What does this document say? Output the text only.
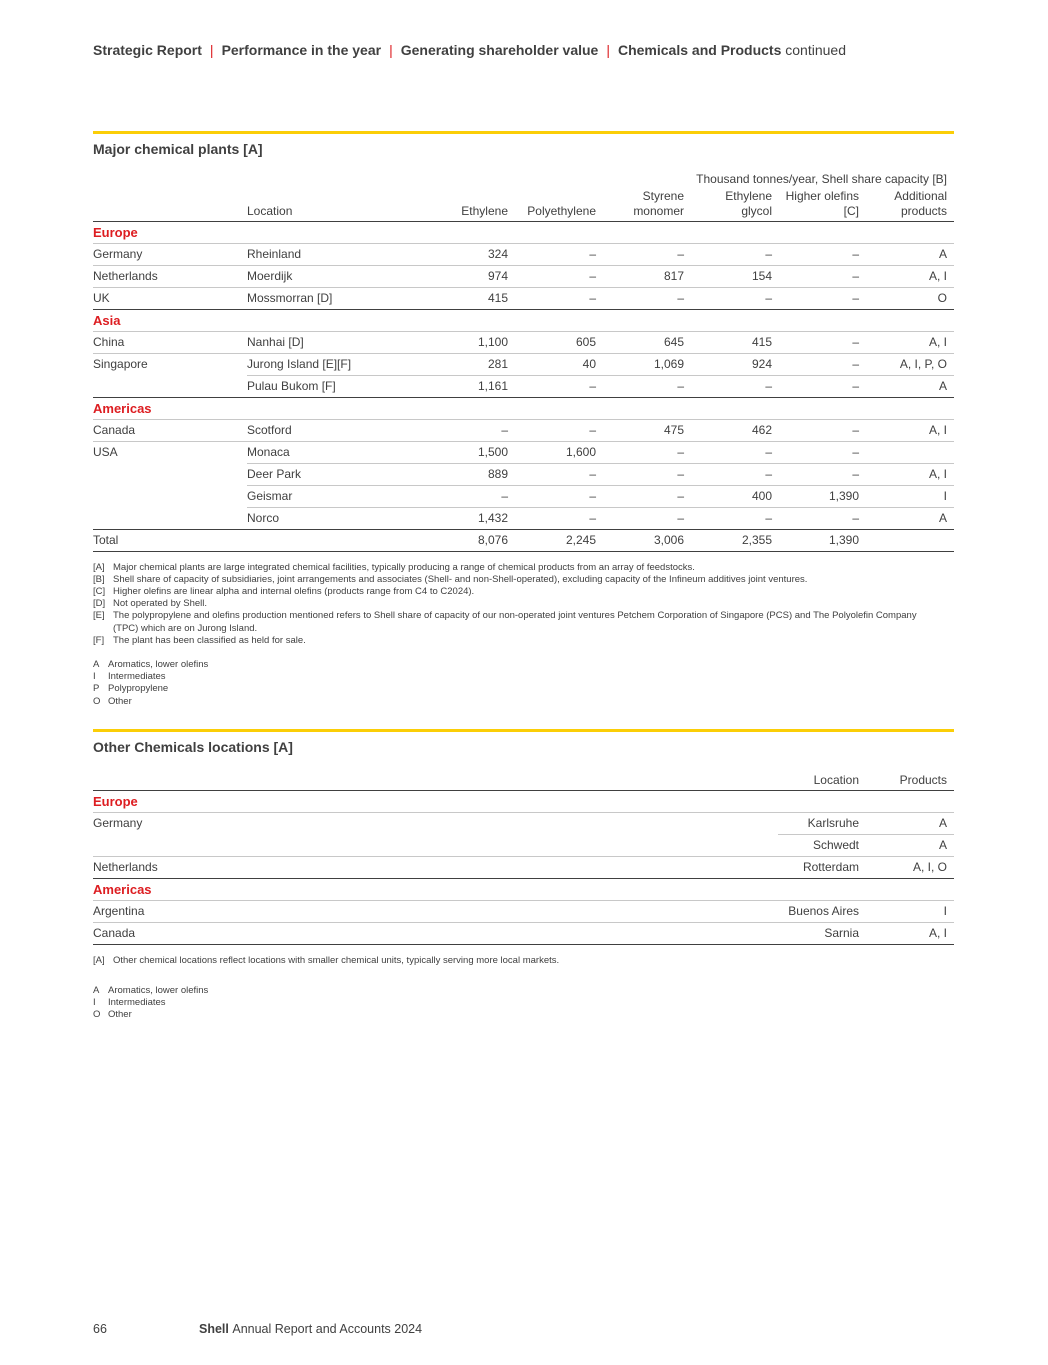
Strategic Report | Performance in the year | Generating shareholder value | Chemicals and Products continued
Major chemical plants [A]
Thousand tonnes/year, Shell share capacity [B]							
	Location	Ethylene	Polyethylene	Styrene monomer	Ethylene glycol	Higher olefins [C]	Additional products
Europe							
Germany	Rheinland	324	–	–	–	–	A
Netherlands	Moerdijk	974	–	817	154	–	A, I
UK	Mossmorran [D]	415	–	–	–	–	O
Asia							
China	Nanhai [D]	1,100	605	645	415	–	A, I
Singapore	Jurong Island [E][F]	281	40	1,069	924	–	A, I, P, O
	Pulau Bukom [F]	1,161	–	–	–	–	A
Americas							
Canada	Scotford	–	–	475	462	–	A, I
USA	Monaca	1,500	1,600	–	–	–	
	Deer Park	889	–	–	–	–	A, I
	Geismar	–	–	–	400	1,390	I
	Norco	1,432	–	–	–	–	A
Total		8,076	2,245	3,006	2,355	1,390	
[A] Major chemical plants are large integrated chemical facilities, typically producing a range of chemical products from an array of feedstocks.
[B] Shell share of capacity of subsidiaries, joint arrangements and associates (Shell- and non-Shell-operated), excluding capacity of the Infineum additives joint ventures.
[C] Higher olefins are linear alpha and internal olefins (products range from C4 to C2024).
[D] Not operated by Shell.
[E] The polypropylene and olefins production mentioned refers to Shell share of capacity of our non-operated joint ventures Petchem Corporation of Singapore (PCS) and The Polyolefin Company (TPC) which are on Jurong Island.
[F] The plant has been classified as held for sale.
A Aromatics, lower olefins
I	Intermediates
P Polypropylene
O Other
Other Chemicals locations [A]
	Location	Products
Europe		
Germany	Karlsruhe	A
	Schwedt	A
Netherlands	Rotterdam	A, I, O
Americas		
Argentina	Buenos Aires	I
Canada	Sarnia	A, I
[A] Other chemical locations reflect locations with smaller chemical units, typically serving more local markets.
A Aromatics, lower olefins
I	Intermediates
O Other
66	Shell Annual Report and Accounts 2024
